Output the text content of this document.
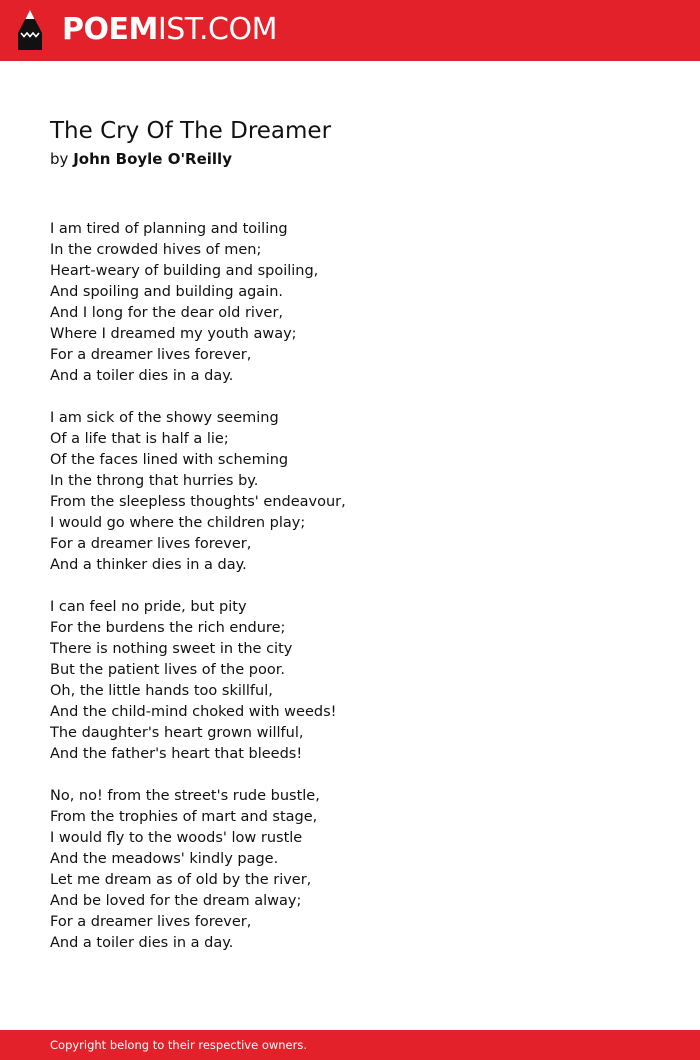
POEMIST.COM
The Cry Of The Dreamer
by John Boyle O'Reilly
I am tired of planning and toiling
In the crowded hives of men;
Heart-weary of building and spoiling,
And spoiling and building again.
And I long for the dear old river,
Where I dreamed my youth away;
For a dreamer lives forever,
And a toiler dies in a day.
I am sick of the showy seeming
Of a life that is half a lie;
Of the faces lined with scheming
In the throng that hurries by.
From the sleepless thoughts' endeavour,
I would go where the children play;
For a dreamer lives forever,
And a thinker dies in a day.
I can feel no pride, but pity
For the burdens the rich endure;
There is nothing sweet in the city
But the patient lives of the poor.
Oh, the little hands too skillful,
And the child-mind choked with weeds!
The daughter's heart grown willful,
And the father's heart that bleeds!
No, no! from the street's rude bustle,
From the trophies of mart and stage,
I would fly to the woods' low rustle
And the meadows' kindly page.
Let me dream as of old by the river,
And be loved for the dream alway;
For a dreamer lives forever,
And a toiler dies in a day.
Copyright belong to their respective owners.
